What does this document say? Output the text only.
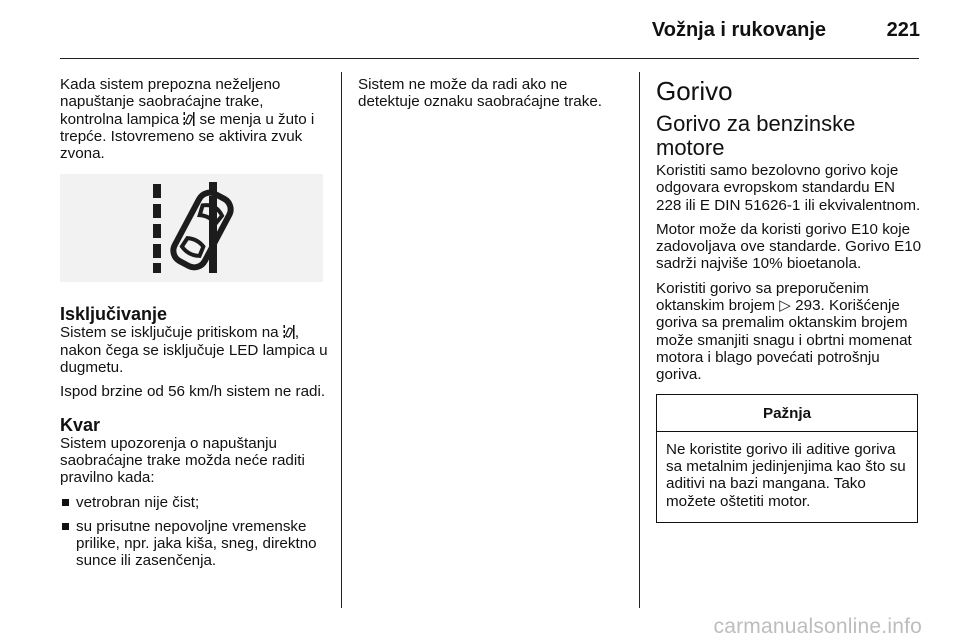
Vožnja i rukovanje	221

Kada sistem prepozna neželjeno napuštanje saobraćajne trake, kontrolna lampica se menja u žuto i trepće. Istovremeno se aktivira zvuk zvona.

Isključivanje

Sistem se isključuje pritiskom na , nakon čega se isključuje LED lampica u dugmetu.

Ispod brzine od 56 km/h sistem ne radi.

Kvar

Sistem upozorenja o napuštanju saobraćajne trake možda neće raditi pravilno kada:

vetrobran nije čist;
su prisutne nepovoljne vremenske prilike, npr. jaka kiša, sneg, direktno sunce ili zasenčenja.

Sistem ne može da radi ako ne detektuje oznaku saobraćajne trake.	Gorivo
Gorivo za benzinske motore

Koristiti samo bezolovno gorivo koje odgovara evropskom standardu EN 228 ili E DIN 51626-1 ili ekvivalentnom.

Motor može da koristi gorivo E10 koje zadovoljava ove standarde. Gorivo E10 sadrži najviše 10% bioetanola.

Koristiti gorivo sa preporučenim oktanskim brojem ▷ 293. Korišćenje goriva sa premalim oktanskim brojem može smanjiti snagu i obrtni momenat motora i blago povećati potrošnju goriva.

Pažnja
Ne koristite gorivo ili aditive goriva sa metalnim jedinjenjima kao što su aditivi na bazi mangana. Tako možete oštetiti motor.
carmanualsonline.info
